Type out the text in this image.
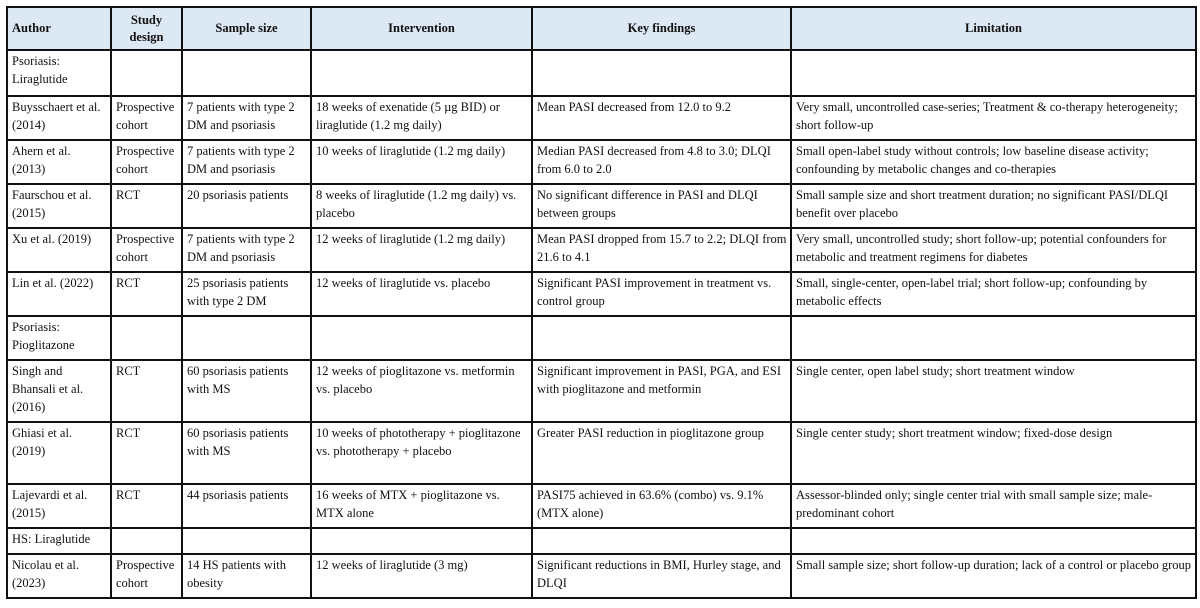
Author	Study design	Sample size	Intervention	Key findings	Limitation
Psoriasis: Liraglutide					
Buysschaert et al. (2014)	Prospective cohort	7 patients with type 2 DM and psoriasis	18 weeks of exenatide (5 µg BID) or liraglutide (1.2 mg daily)	Mean PASI decreased from 12.0 to 9.2	Very small, uncontrolled case-series; Treatment & co-therapy heterogeneity; short follow-up
Ahern et al. (2013)	Prospective cohort	7 patients with type 2 DM and psoriasis	10 weeks of liraglutide (1.2 mg daily)	Median PASI decreased from 4.8 to 3.0; DLQI from 6.0 to 2.0	Small open-label study without controls; low baseline disease activity; confounding by metabolic changes and co-therapies
Faurschou et al. (2015)	RCT	20 psoriasis patients	8 weeks of liraglutide (1.2 mg daily) vs. placebo	No significant difference in PASI and DLQI between groups	Small sample size and short treatment duration; no significant PASI/DLQI benefit over placebo
Xu et al. (2019)	Prospective cohort	7 patients with type 2 DM and psoriasis	12 weeks of liraglutide (1.2 mg daily)	Mean PASI dropped from 15.7 to 2.2; DLQI from 21.6 to 4.1	Very small, uncontrolled study; short follow-up; potential confounders for metabolic and treatment regimens for diabetes
Lin et al. (2022)	RCT	25 psoriasis patients with type 2 DM	12 weeks of liraglutide vs. placebo	Significant PASI improvement in treatment vs. control group	Small, single-center, open-label trial; short follow-up; confounding by metabolic effects
Psoriasis: Pioglitazone					
Singh and Bhansali et al. (2016)	RCT	60 psoriasis patients with MS	12 weeks of pioglitazone vs. metformin vs. placebo	Significant improvement in PASI, PGA, and ESI with pioglitazone and metformin	Single center, open label study; short treatment window
Ghiasi et al. (2019)	RCT	60 psoriasis patients with MS	10 weeks of phototherapy + pioglitazone vs. phototherapy + placebo	Greater PASI reduction in pioglitazone group	Single center study; short treatment window; fixed-dose design
Lajevardi et al. (2015)	RCT	44 psoriasis patients	16 weeks of MTX + pioglitazone vs. MTX alone	PASI75 achieved in 63.6% (combo) vs. 9.1% (MTX alone)	Assessor-blinded only; single center trial with small sample size; male-predominant cohort
HS: Liraglutide					
Nicolau et al. (2023)	Prospective cohort	14 HS patients with obesity	12 weeks of liraglutide (3 mg)	Significant reductions in BMI, Hurley stage, and DLQI	Small sample size; short follow-up duration; lack of a control or placebo group
